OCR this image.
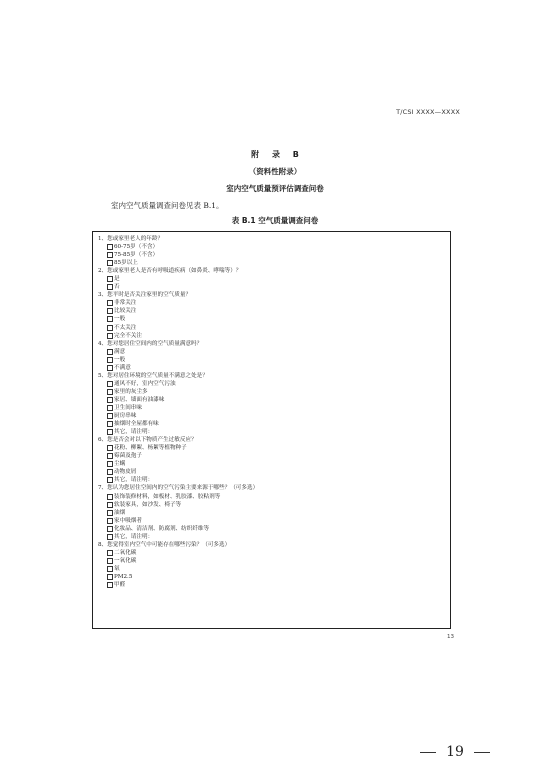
T/CSI XXXX—XXXX
附 录 B
（资料性附录）
室内空气质量预评估调查问卷
室内空气质量调查问卷见表 B.1。
表 B.1 空气质量调查问卷
1、您或家里老人的年龄？
60-75岁（不含）
75-85岁（不含）
85岁以上
2、您或家里老人是否有呼吸道疾病（如鼻炎、哮喘等）？
是
否
3、您平时是否关注家里的空气质量？
非常关注
比较关注
一般
不太关注
完全不关注
4、您对您居住空间内的空气质量满意吗？
满意
一般
不满意
5、您对居住环境的空气质量不满意之处是？
通风不好，室内空气污浊
家里的灰尘多
家居、墙面有油漆味
卫生间串味
厨房串味
抽烟时全屋都有味
其它，请注明：
6、您是否会对以下物质产生过敏反应？
花粉、柳絮、杨絮等植物种子
霉菌及孢子
尘螨
动物皮屑
其它，请注明：
7、您认为您居住空间内的空气污染主要来源于哪些？（可多选）
装饰装修材料，如板材、乳胶漆、胶粘剂等
软装家具，如沙发、椅子等
油烟
家中吸烟者
化妆品、清洁剂、防腐剂、纺织纤维等
其它，请注明：
8、您觉得室内空气中可能存在哪些污染？（可多选）
二氧化碳
一氧化碳
氡
PM2.5
甲醛
13
19
